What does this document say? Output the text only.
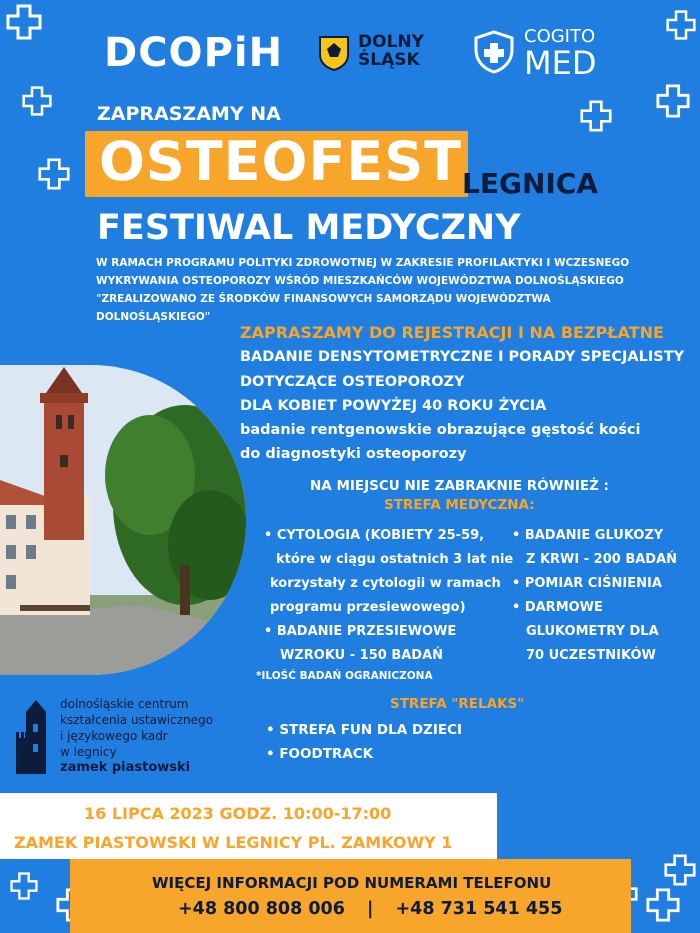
DCOPiH	DOLNY
ŚLĄSK
COGITO
MED
ZAPRASZAMY NA
OSTEOFEST LEGNICA
FESTIWAL MEDYCZNY
W RAMACH PROGRAMU POLITYKI ZDROWOTNEJ W ZAKRESIE PROFILAKTYKI I WCZESNEGO
WYKRYWANIA OSTEOPOROZY WŚRÓD MIESZKAŃCÓW WOJEWÓDZTWA DOLNOŚLĄSKIEGO
"ZREALIZOWANO ZE ŚRODKÓW FINANSOWYCH SAMORZĄDU WOJEWÓDZTWA
DOLNOŚLĄSKIEGO"
ZAPRASZAMY DO REJESTRACJI I NA BEZPŁATNE
BADANIE DENSYTOMETRYCZNE I PORADY SPECJALISTY
DOTYCZĄCE OSTEOPOROZY
DLA KOBIET POWYŻEJ 40 ROKU ŻYCIA
badanie rentgenowskie obrazujące gęstość kości
do diagnostyki osteoporozy
NA MIEJSCU NIE ZABRAKNIE RÓWNIEŻ :
STREFA MEDYCZNA:
• CYTOLOGIA (KOBIETY 25-59,
które w ciągu ostatnich 3 lat nie
korzystały z cytologii w ramach
programu przesiewowego)
• BADANIE PRZESIEWOWE
WZROKU - 150 BADAŃ
• BADANIE GLUKOZY
Z KRWI - 200 BADAŃ
• POMIAR CIŚNIENIA
• DARMOWE
GLUKOMETRY DLA
70 UCZESTNIKÓW
*ILOŚĆ BADAŃ OGRANICZONA
STREFA "RELAKS"
• STREFA FUN DLA DZIECI
• FOODTRACK
dolnośląskie centrum
kształcenia ustawicznego
i językowego kadr
w legnicy
zamek piastowski
16 LIPCA 2023 GODZ. 10:00-17:00
ZAMEK PIASTOWSKI W LEGNICY PL. ZAMKOWY 1
WIĘCEJ INFORMACJI POD NUMERAMI TELEFONU
+48 800 808 006 | +48 731 541 455
